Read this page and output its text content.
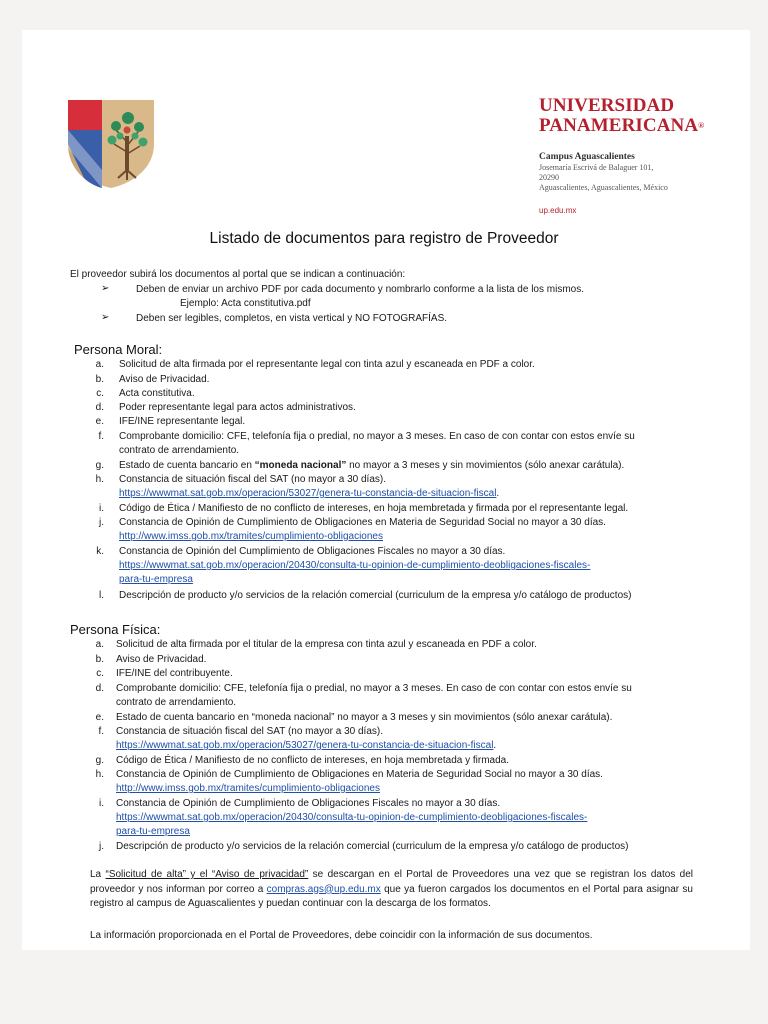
UNIVERSIDAD
PANAMERICANA®
Campus Aguascalientes
Josemaría Escrivá de Balaguer 101,
20290
Aguascalientes, Aguascalientes, México
up.edu.mx
Listado de documentos para registro de Proveedor
El proveedor subirá los documentos al portal que se indican a continuación:
➢	Deben de enviar un archivo PDF por cada documento y nombrarlo conforme a la lista de los mismos.
Ejemplo: Acta constitutiva.pdf
➢	Deben ser legibles, completos, en vista vertical y NO FOTOGRAFÍAS.
Persona Moral:
a. Solicitud de alta firmada por el representante legal con tinta azul y escaneada en PDF a color.
b. Aviso de Privacidad.
c. Acta constitutiva.
d. Poder representante legal para actos administrativos.
e. IFE/INE representante legal.
f. Comprobante domicilio: CFE, telefonía fija o predial, no mayor a 3 meses. En caso de con contar con estos envíe su
contrato de arrendamiento.
g. Estado de cuenta bancario en “moneda nacional” no mayor a 3 meses y sin movimientos (sólo anexar carátula).
h. Constancia de situación fiscal del SAT (no mayor a 30 días).
https://wwwmat.sat.gob.mx/operacion/53027/genera-tu-constancia-de-situacion-fiscal.
i. Código de Ética / Manifiesto de no conflicto de intereses, en hoja membretada y firmada por el representante legal.
j. Constancia de Opinión de Cumplimiento de Obligaciones en Materia de Seguridad Social no mayor a 30 días.
http://www.imss.gob.mx/tramites/cumplimiento-obligaciones
k. Constancia de Opinión del Cumplimiento de Obligaciones Fiscales no mayor a 30 días.
https://wwwmat.sat.gob.mx/operacion/20430/consulta-tu-opinion-de-cumplimiento-deobligaciones-fiscales-
para-tu-empresa
l. Descripción de producto y/o servicios de la relación comercial (curriculum de la empresa y/o catálogo de productos)
Persona Física:
a. Solicitud de alta firmada por el titular de la empresa con tinta azul y escaneada en PDF a color.
b. Aviso de Privacidad.
c. IFE/INE del contribuyente.
d. Comprobante domicilio: CFE, telefonía fija o predial, no mayor a 3 meses. En caso de con contar con estos envíe su
contrato de arrendamiento.
e. Estado de cuenta bancario en “moneda nacional” no mayor a 3 meses y sin movimientos (sólo anexar carátula).
f. Constancia de situación fiscal del SAT (no mayor a 30 días).
https://wwwmat.sat.gob.mx/operacion/53027/genera-tu-constancia-de-situacion-fiscal.
g. Código de Ética / Manifiesto de no conflicto de intereses, en hoja membretada y firmada.
h. Constancia de Opinión de Cumplimiento de Obligaciones en Materia de Seguridad Social no mayor a 30 días.
http://www.imss.gob.mx/tramites/cumplimiento-obligaciones
i. Constancia de Opinión de Cumplimiento de Obligaciones Fiscales no mayor a 30 días.
https://wwwmat.sat.gob.mx/operacion/20430/consulta-tu-opinion-de-cumplimiento-deobligaciones-fiscales-
para-tu-empresa
j. Descripción de producto y/o servicios de la relación comercial (curriculum de la empresa y/o catálogo de productos)
La “Solicitud de alta” y el “Aviso de privacidad” se descargan en el Portal de Proveedores una vez que se registran los datos del proveedor y nos informan por correo a compras.ags@up.edu.mx que ya fueron cargados los documentos en el Portal para asignar su registro al campus de Aguascalientes y puedan continuar con la descarga de los formatos.
La información proporcionada en el Portal de Proveedores, debe coincidir con la información de sus documentos.
